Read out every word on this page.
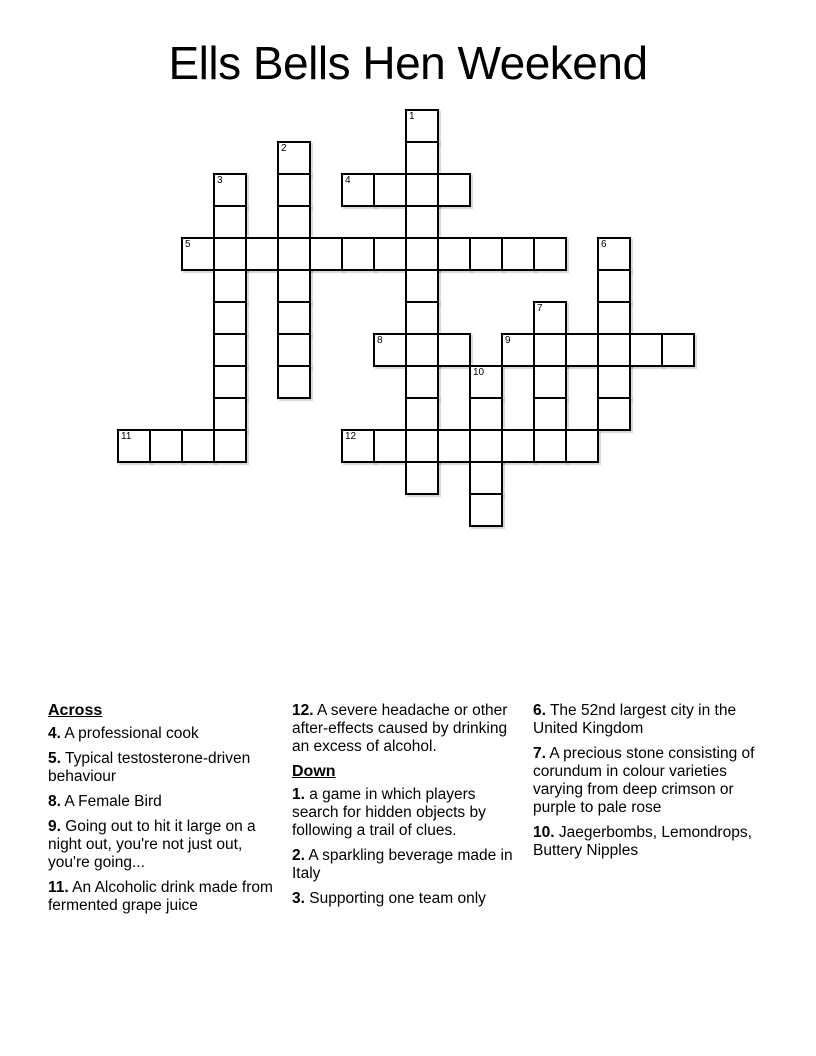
Ells Bells Hen Weekend
1
2
3	4
5	6
7
8	9
10
11	12

Across

4. A professional cook

5. Typical testosterone-driven behaviour

8. A Female Bird

9. Going out to hit it large on a night out, you're not just out, you're going...

11. An Alcoholic drink made from fermented grape juice

12. A severe headache or other after-effects caused by drinking an excess of alcohol.

Down

1. a game in which players search for hidden objects by following a trail of clues.

2. A sparkling beverage made in Italy

3. Supporting one team only

6. The 52nd largest city in the United Kingdom

7. A precious stone consisting of corundum in colour varieties varying from deep crimson or purple to pale rose

10. Jaegerbombs, Lemondrops, Buttery Nipples
